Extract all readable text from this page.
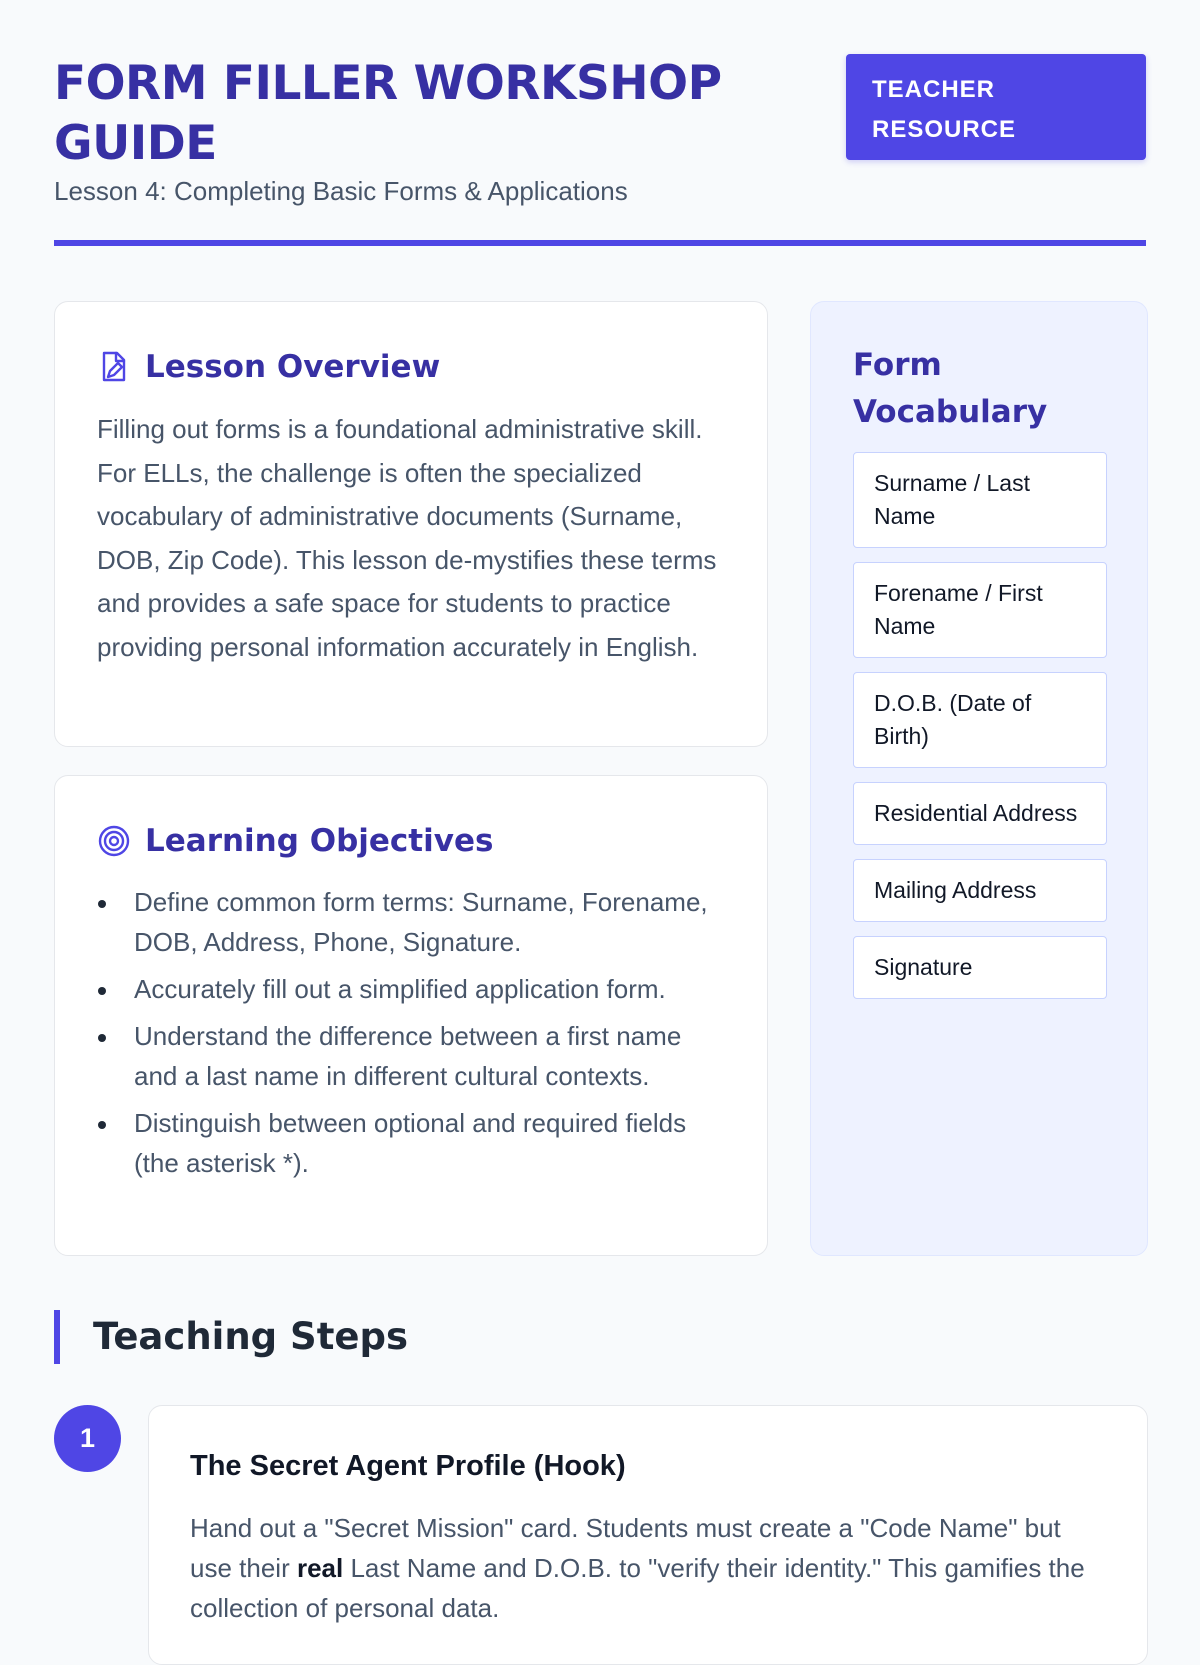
FORM FILLER WORKSHOP GUIDE

Lesson 4: Completing Basic Forms & Applications

TEACHER RESOURCE
Lesson Overview

Filling out forms is a foundational administrative skill. For ELLs, the challenge is often the specialized vocabulary of administrative documents (Surname, DOB, Zip Code). This lesson de-mystifies these terms and provides a safe space for students to practice providing personal information accurately in English.

Learning Objectives
Define common form terms: Surname, Forename, DOB, Address, Phone, Signature.
Accurately fill out a simplified application form.
Understand the difference between a first name and a last name in different cultural contexts.
Distinguish between optional and required fields (the asterisk *).
Form Vocabulary
Surname / Last Name
Forename / First Name
D.O.B. (Date of Birth)
Residential Address
Mailing Address
Signature
Teaching Steps
1
The Secret Agent Profile (Hook)

Hand out a "Secret Mission" card. Students must create a "Code Name" but use their real Last Name and D.O.B. to "verify their identity." This gamifies the collection of personal data.
